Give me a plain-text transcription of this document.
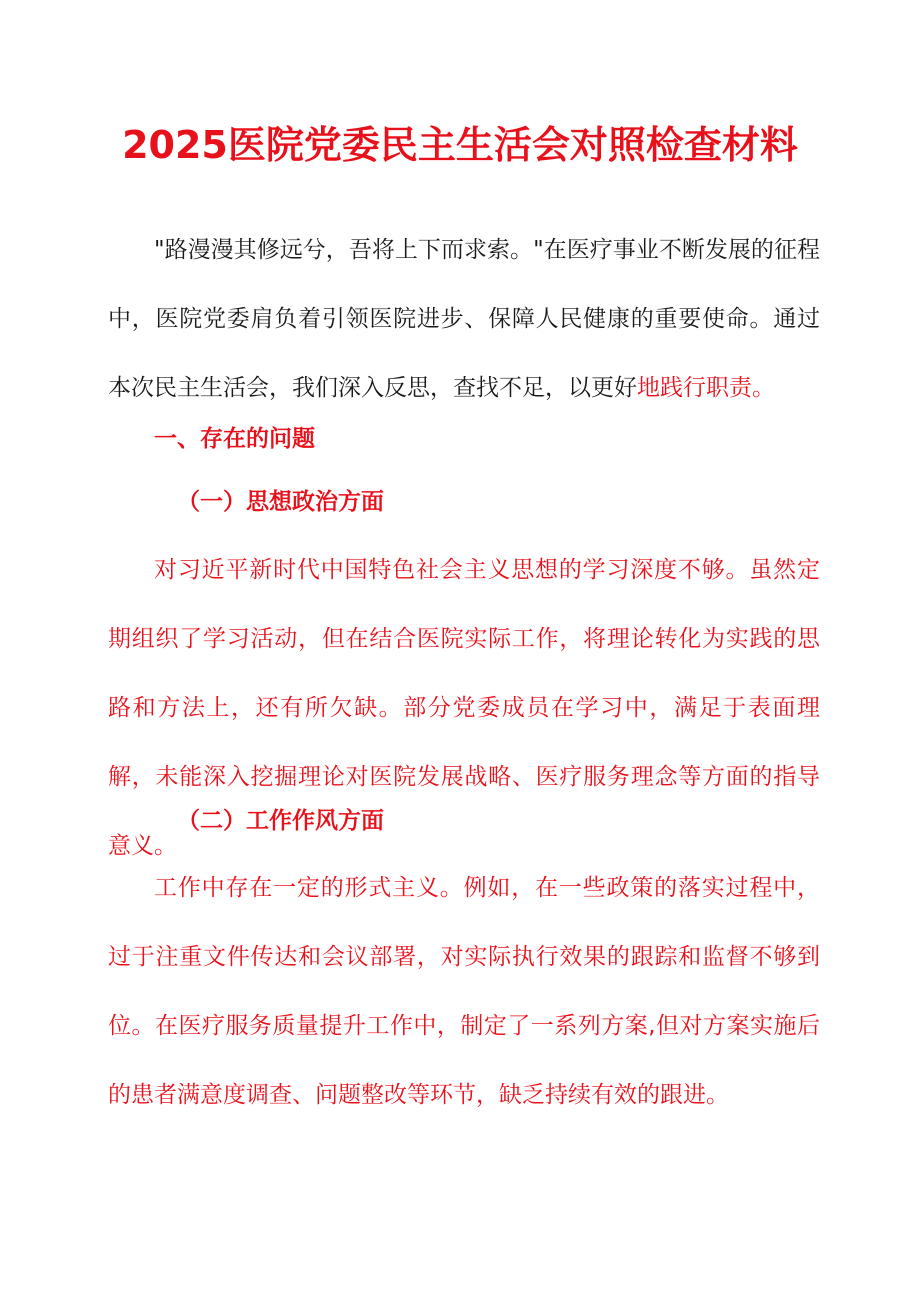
2025医院党委民主生活会对照检查材料

"路漫漫其修远兮，吾将上下而求索。"在医疗事业不断发展的征程中，医院党委肩负着引领医院进步、保障人民健康的重要使命。通过本次民主生活会，我们深入反思，查找不足，以更好地践行职责。

一、存在的问题
（一）思想政治方面

对习近平新时代中国特色社会主义思想的学习深度不够。虽然定期组织了学习活动，但在结合医院实际工作，将理论转化为实践的思路和方法上，还有所欠缺。部分党委成员在学习中，满足于表面理解，未能深入挖掘理论对医院发展战略、医疗服务理念等方面的指导意义。

（二）工作作风方面

工作中存在一定的形式主义。例如，在一些政策的落实过程中，过于注重文件传达和会议部署，对实际执行效果的跟踪和监督不够到位。在医疗服务质量提升工作中，制定了一系列方案,但对方案实施后的患者满意度调查、问题整改等环节，缺乏持续有效的跟进。
